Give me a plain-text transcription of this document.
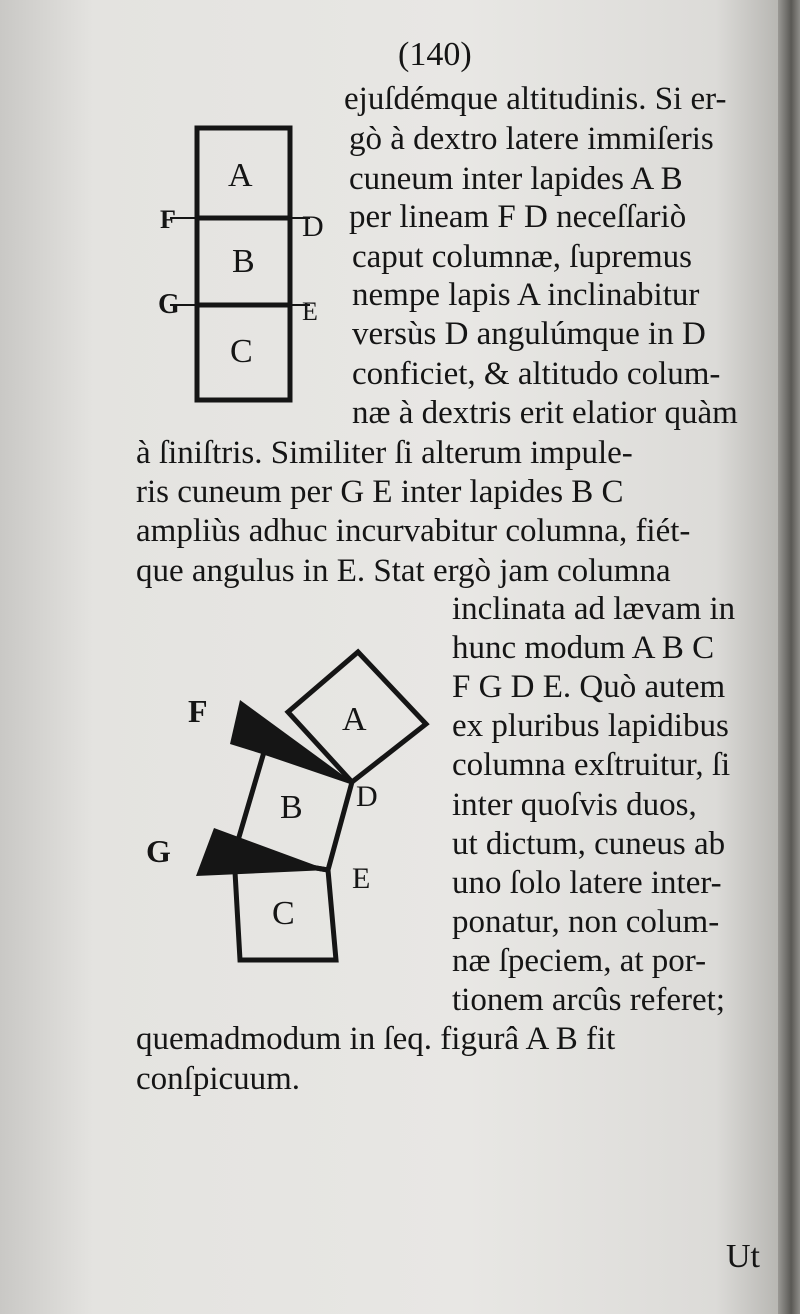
(140)
ejuſdémque altitudinis. Si er-
gò à dextro latere immiſeris
cuneum inter lapides A B
per lineam F D neceſſariò
caput columnæ, ſupremus
nempe lapis A inclinabitur
versùs D angulúmque in D
conficiet, & altitudo colum-
næ à dextris erit elatior quàm
à ſiniſtris. Similiter ſi alterum impule-
ris cuneum per G E inter lapides B C
ampliùs adhuc incurvabitur columna, fiét-
que angulus in E. Stat ergò jam columna
inclinata ad lævam in
hunc modum A B C
F G D E. Quò autem
ex pluribus lapidibus
columna exſtruitur, ſi
inter quoſvis duos,
ut dictum, cuneus ab
uno ſolo latere inter-
ponatur, non colum-
næ ſpeciem, at por-
tionem arcûs referet;
quemadmodum in ſeq. figurâ A B fit
conſpicuum.
A
B
C
F	D
G	E
A
B
C
F
D
G
E
Ut
